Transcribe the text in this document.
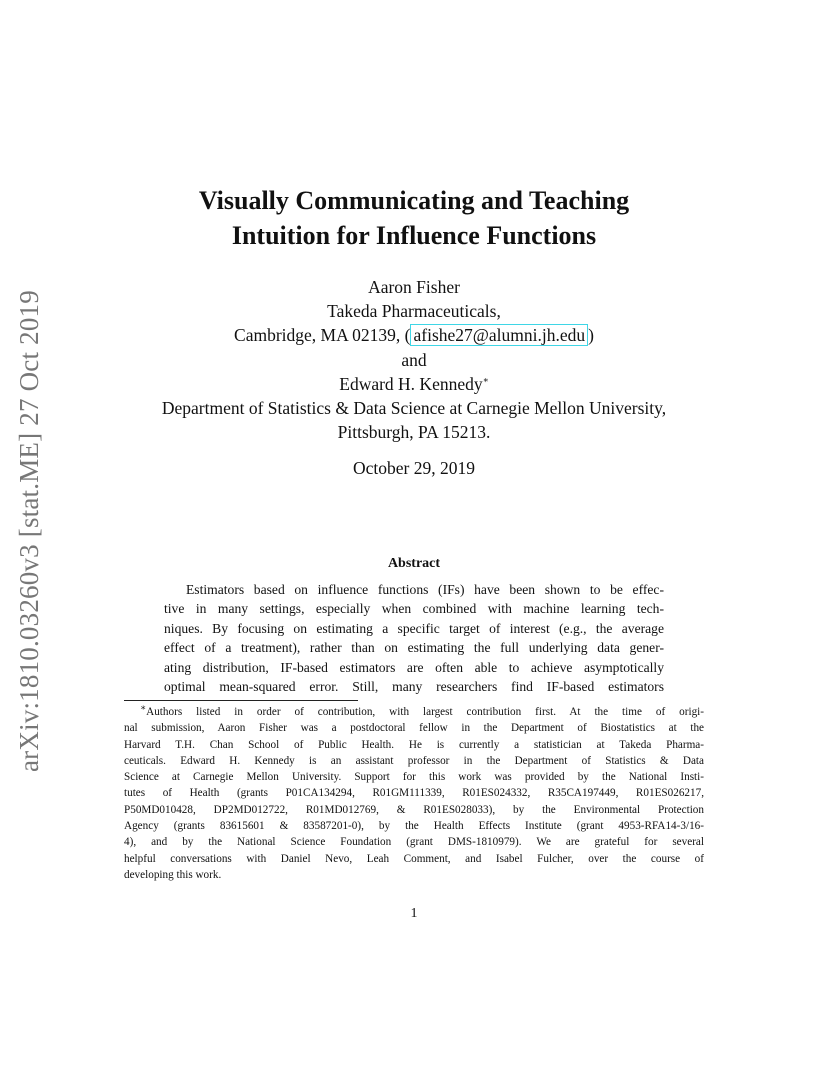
arXiv:1810.03260v3 [stat.ME] 27 Oct 2019
Visually Communicating and Teaching
Intuition for Influence Functions
Aaron Fisher
Takeda Pharmaceuticals,
Cambridge, MA 02139, ( afishe27@alumni.jh.edu )
and
Edward H. Kennedy∗
Department of Statistics & Data Science at Carnegie Mellon University,
Pittsburgh, PA 15213.
October 29, 2019
Abstract
Estimators based on influence functions (IFs) have been shown to be effec-
tive in many settings, especially when combined with machine learning tech-
niques. By focusing on estimating a specific target of interest (e.g., the average
effect of a treatment), rather than on estimating the full underlying data gener-
ating distribution, IF-based estimators are often able to achieve asymptotically
optimal mean-squared error. Still, many researchers find IF-based estimators
∗Authors listed in order of contribution, with largest contribution first. At the time of origi-
nal submission, Aaron Fisher was a postdoctoral fellow in the Department of Biostatistics at the
Harvard T.H. Chan School of Public Health. He is currently a statistician at Takeda Pharma-
ceuticals. Edward H. Kennedy is an assistant professor in the Department of Statistics & Data
Science at Carnegie Mellon University. Support for this work was provided by the National Insti-
tutes of Health (grants P01CA134294, R01GM111339, R01ES024332, R35CA197449, R01ES026217,
P50MD010428, DP2MD012722, R01MD012769, & R01ES028033), by the Environmental Protection
Agency (grants 83615601 & 83587201-0), by the Health Effects Institute (grant 4953-RFA14-3/16-
4), and by the National Science Foundation (grant DMS-1810979). We are grateful for several
helpful conversations with Daniel Nevo, Leah Comment, and Isabel Fulcher, over the course of
developing this work.
1
